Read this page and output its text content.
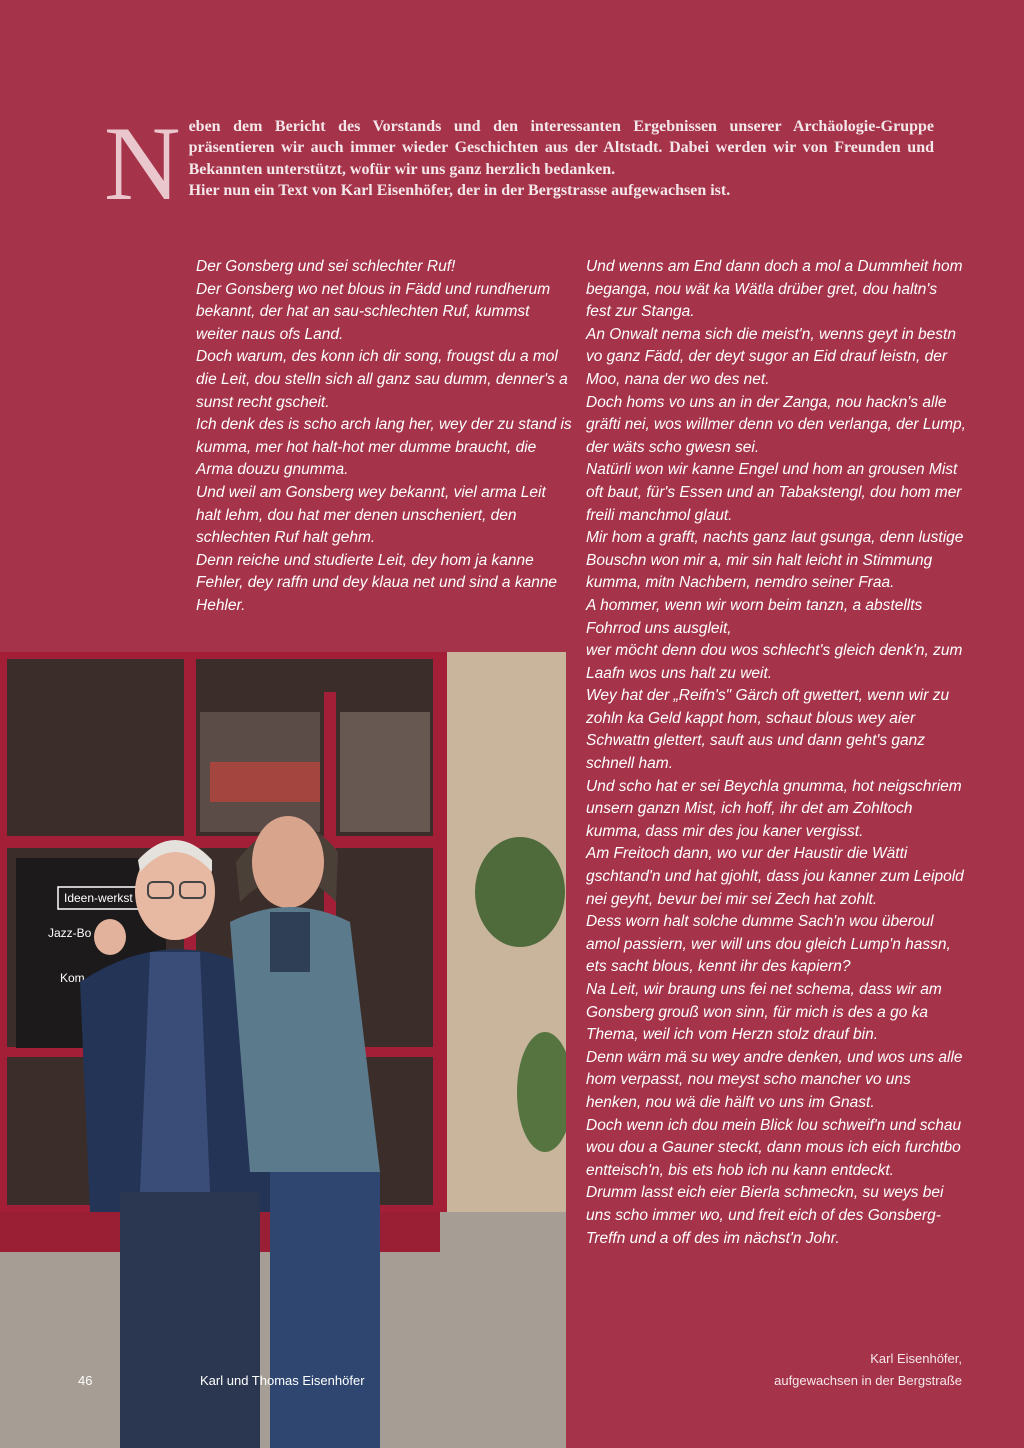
N eben dem Bericht des Vorstands und den interessanten Ergebnissen unserer Archäologie-Gruppe präsentieren wir auch immer wieder Geschichten aus der Altstadt. Dabei werden wir von Freunden und Bekannten unterstützt, wofür wir uns ganz herzlich bedanken.

Hier nun ein Text von Karl Eisenhöfer, der in der Bergstrasse aufgewachsen ist.

Der Gonsberg und sei schlechter Ruf!

Der Gonsberg wo net blous in Fädd und rundherum bekannt, der hat an sau-schlechten Ruf, kummst weiter naus ofs Land.

Doch warum, des konn ich dir song, frougst du a mol die Leit, dou stelln sich all ganz sau dumm, denner's a sunst recht gscheit.

Ich denk des is scho arch lang her, wey der zu stand is kumma, mer hot halt-hot mer dumme braucht, die Arma douzu gnumma.

Und weil am Gonsberg wey bekannt, viel arma Leit halt lehm, dou hat mer denen unscheniert, den schlechten Ruf halt gehm.

Denn reiche und studierte Leit, dey hom ja kanne Fehler, dey raffn und dey klaua net und sind a kanne Hehler.

Und wenns am End dann doch a mol a Dummheit hom beganga, nou wät ka Wätla drüber gret, dou haltn's fest zur Stanga.

An Onwalt nema sich die meist'n, wenns geyt in bestn vo ganz Fädd, der deyt sugor an Eid drauf leistn, der Moo, nana der wo des net.

Doch homs vo uns an in der Zanga, nou hackn's alle gräfti nei, wos willmer denn vo den verlanga, der Lump, der wäts scho gwesn sei.

Natürli won wir kanne Engel und hom an grousen Mist oft baut, für's Essen und an Tabakstengl, dou hom mer freili manchmol glaut.

Mir hom a grafft, nachts ganz laut gsunga, denn lustige Bouschn won mir a, mir sin halt leicht in Stimmung kumma, mitn Nachbern, nemdro seiner Fraa.

A hommer, wenn wir worn beim tanzn, a abstellts Fohrrod uns ausgleit,

wer möcht denn dou wos schlecht's gleich denk'n, zum Laafn wos uns halt zu weit.

Wey hat der „Reifn's" Gärch oft gwettert, wenn wir zu zohln ka Geld kappt hom, schaut blous wey aier Schwattn glettert, sauft aus und dann geht's ganz schnell ham.

Und scho hat er sei Beychla gnumma, hot neigschriem unsern ganzn Mist, ich hoff, ihr det am Zohltoch kumma, dass mir des jou kaner vergisst.

Am Freitoch dann, wo vur der Haustir die Wätti gschtand'n und hat gjohlt, dass jou kanner zum Leipold nei geyht, bevur bei mir sei Zech hat zohlt.

Dess worn halt solche dumme Sach'n wou überoul amol passiern, wer will uns dou gleich Lump'n hassn, ets sacht blous, kennt ihr des kapiern?

Na Leit, wir braung uns fei net schema, dass wir am Gonsberg grouß won sinn, für mich is des a go ka Thema, weil ich vom Herzn stolz drauf bin.

Denn wärn mä su wey andre denken, und wos uns alle hom verpasst, nou meyst scho mancher vo uns henken, nou wä die hälft vo uns im Gnast.

Doch wenn ich dou mein Blick lou schweif'n und schau wou dou a Gauner steckt, dann mous ich eich furchtbo entteisch'n, bis ets hob ich nu kann entdeckt.

Drumm lasst eich eier Bierla schmeckn, su weys bei uns scho immer wo, und freit eich of des Gonsberg-Treffn und a off des im nächst'n Johr.

Ideen-werkst
Jazz-Bo
Kom

Karl Eisenhöfer,

aufgewachsen in der Bergstraße

46	Karl und Thomas Eisenhöfer
